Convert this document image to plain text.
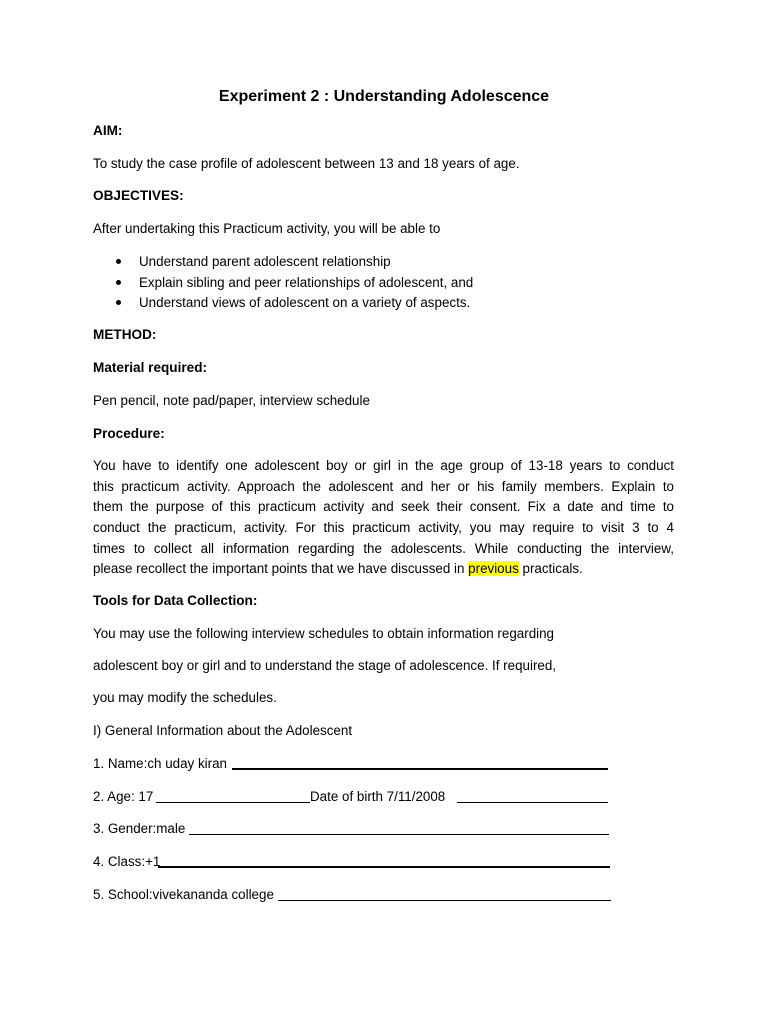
Experiment 2 : Understanding Adolescence
AIM:
To study the case profile of adolescent between 13 and 18 years of age.
OBJECTIVES:
After undertaking this Practicum activity, you will be able to
Understand parent adolescent relationship
Explain sibling and peer relationships of adolescent, and
Understand views of adolescent on a variety of aspects.
METHOD:
Material required:
Pen pencil, note pad/paper, interview schedule
Procedure:
You have to identify one adolescent boy or girl in the age group of 13-18 years to conduct
this practicum activity. Approach the adolescent and her or his family members. Explain to
them the purpose of this practicum activity and seek their consent. Fix a date and time to
conduct the practicum, activity. For this practicum activity, you may require to visit 3 to 4
times to collect all information regarding the adolescents. While conducting the interview,
please recollect the important points that we have discussed in previous practicals.
Tools for Data Collection:
You may use the following interview schedules to obtain information regarding
adolescent boy or girl and to understand the stage of adolescence. If required,
you may modify the schedules.
I) General Information about the Adolescent
1. Name:ch uday kiran
2. Age: 17	Date of birth 7/11/2008
3. Gender:male
4. Class:+1
5. School:vivekananda college
